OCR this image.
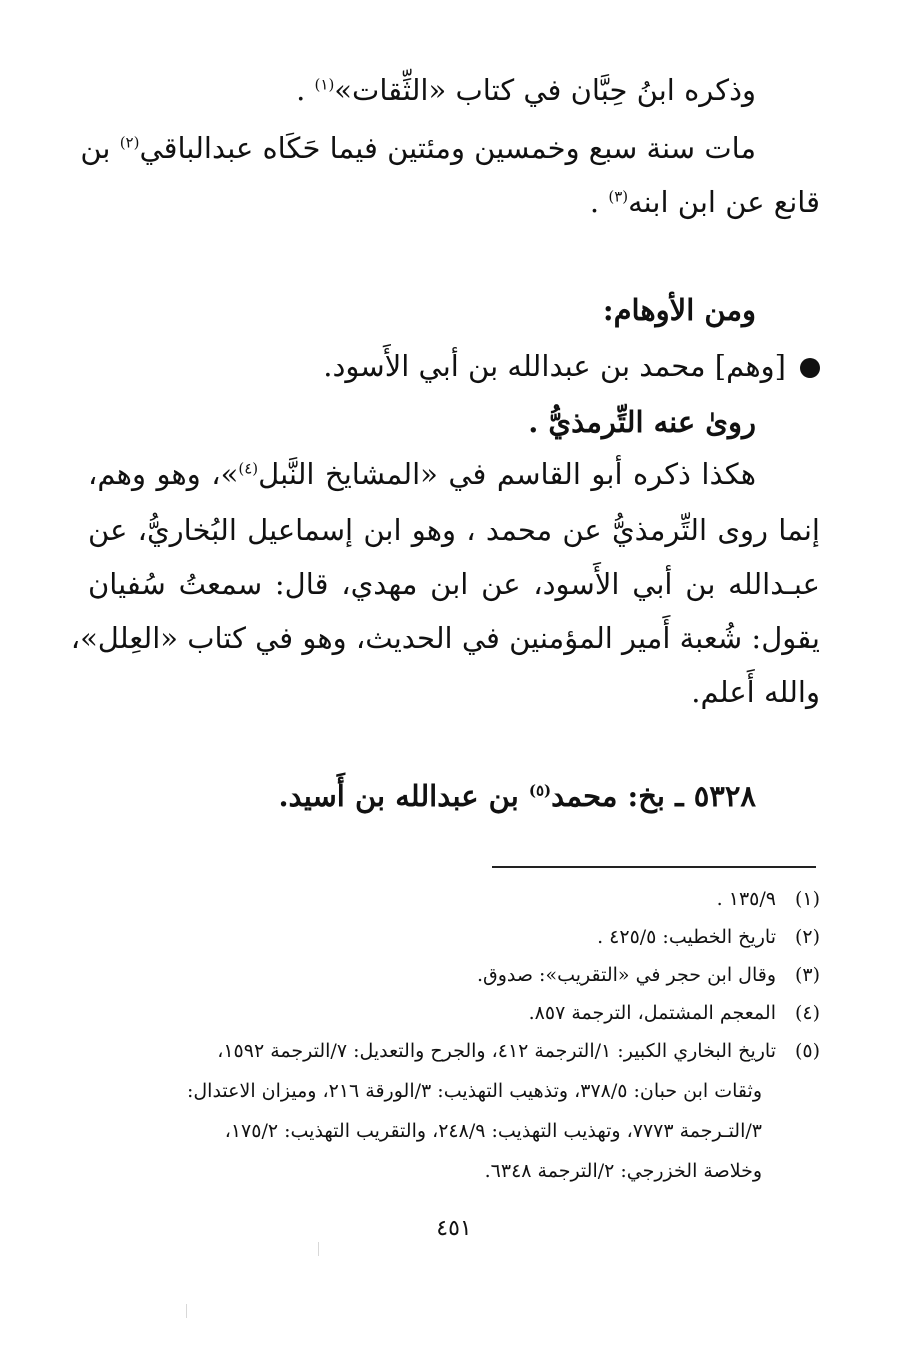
وذكره ابنُ حِبَّان في كتاب «الثِّقات»$^{(١)}$ .
مات سنة سبع وخمسين ومئتين فيما حَكَاه عبدالباقي$^{(٢)}$ بن
قانع عن ابن ابنه$^{(٣)}$ .
ومن الأوهام:
[وهم] محمد بن عبدالله بن أبي الأَسود.
روىٰ عنه التِّرمذيُّ .
هكذا ذكره أبو القاسم في «المشايخ النَّبل$^{(٤)}$»، وهو وهم،
إنما روى التِّرمذيُّ عن محمد ، وهو ابن إسماعيل البُخاريُّ، عن
عبـدالله بن أبي الأَسود، عن ابن مهدي، قال: سمعتُ سُفيان
يقول: شُعبة أَمير المؤمنين في الحديث، وهو في كتاب «العِلل»،
والله أَعلم.
٥٣٢٨ ـ بخ: محمد$^{(٥)}$ بن عبدالله بن أَسيد.
(١)١٣٥/٩ .
(٢)تاريخ الخطيب: ٤٢٥/٥ .
(٣)وقال ابن حجر في «التقريب»: صدوق.
(٤)المعجم المشتمل، الترجمة ٨٥٧.
(٥)تاريخ البخاري الكبير: ١/الترجمة ٤١٢، والجرح والتعديل: ٧/الترجمة ١٥٩٢،
وثقات ابن حبان: ٣٧٨/٥، وتذهيب التهذيب: ٣/الورقة ٢١٦، وميزان الاعتدال:
٣/التـرجمة ٧٧٧٣، وتهذيب التهذيب: ٢٤٨/٩، والتقريب التهذيب: ١٧٥/٢،
وخلاصة الخزرجي: ٢/الترجمة ٦٣٤٨.
٤٥١
